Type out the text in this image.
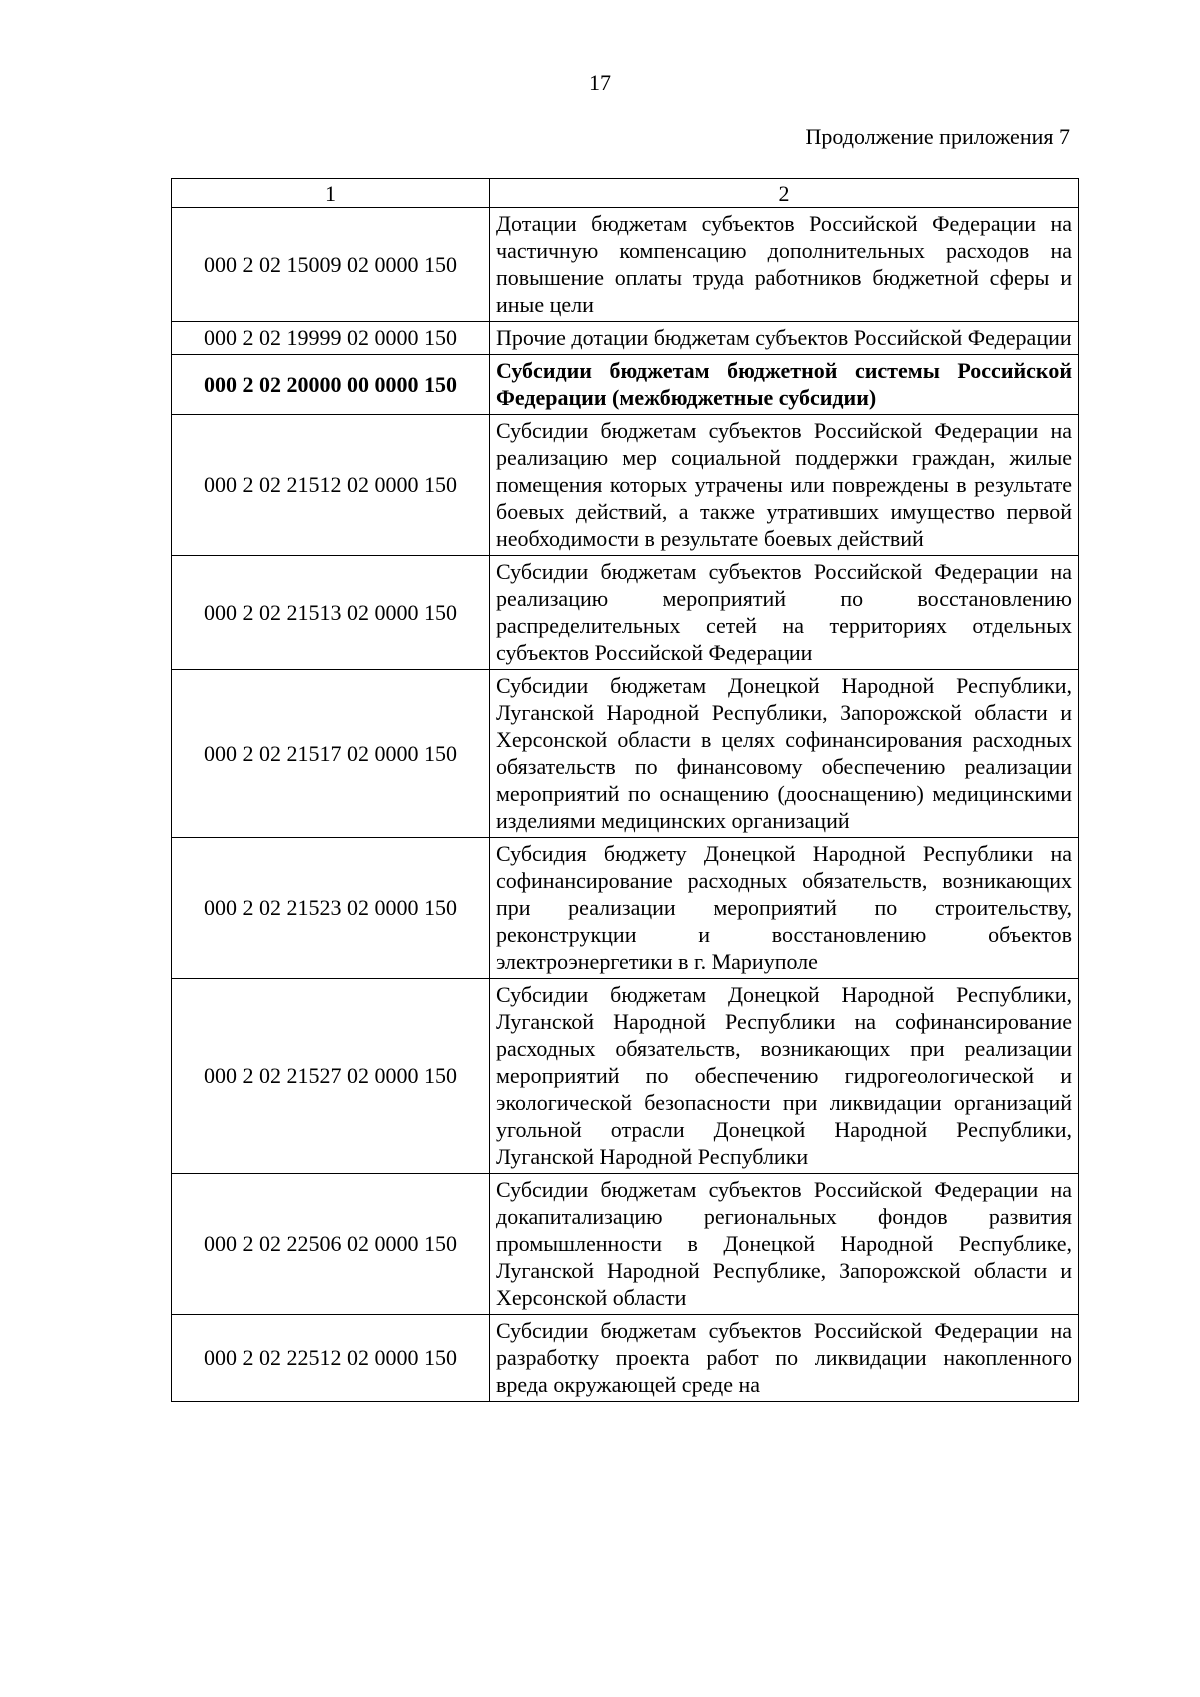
17
Продолжение приложения 7
1	2
000 2 02 15009 02 0000 150	Дотации бюджетам субъектов Российской Федерации на частичную компенсацию дополнительных расходов на повышение оплаты труда работников бюджетной сферы и иные цели
000 2 02 19999 02 0000 150	Прочие дотации бюджетам субъектов Российской Федерации
000 2 02 20000 00 0000 150	Субсидии бюджетам бюджетной системы Российской Федерации (межбюджетные субсидии)
000 2 02 21512 02 0000 150	Субсидии бюджетам субъектов Российской Федерации на реализацию мер социальной поддержки граждан, жилые помещения которых утрачены или повреждены в результате боевых действий, а также утративших имущество первой необходимости в результате боевых действий
000 2 02 21513 02 0000 150	Субсидии бюджетам субъектов Российской Федерации на реализацию мероприятий по восстановлению распределительных сетей на территориях отдельных субъектов Российской Федерации
000 2 02 21517 02 0000 150	Субсидии бюджетам Донецкой Народной Республики, Луганской Народной Республики, Запорожской области и Херсонской области в целях софинансирования расходных обязательств по финансовому обеспечению реализации мероприятий по оснащению (дооснащению) медицинскими изделиями медицинских организаций
000 2 02 21523 02 0000 150	Субсидия бюджету Донецкой Народной Республики на софинансирование расходных обязательств, возникающих при реализации мероприятий по строительству, реконструкции и восстановлению объектов электроэнергетики в г. Мариуполе
000 2 02 21527 02 0000 150	Субсидии бюджетам Донецкой Народной Республики, Луганской Народной Республики на софинансирование расходных обязательств, возникающих при реализации мероприятий по обеспечению гидрогеологической и экологической безопасности при ликвидации организаций угольной отрасли Донецкой Народной Республики, Луганской Народной Республики
000 2 02 22506 02 0000 150	Субсидии бюджетам субъектов Российской Федерации на докапитализацию региональных фондов развития промышленности в Донецкой Народной Республике, Луганской Народной Республике, Запорожской области и Херсонской области
000 2 02 22512 02 0000 150	Субсидии бюджетам субъектов Российской Федерации на разработку проекта работ по ликвидации накопленного вреда окружающей среде на
